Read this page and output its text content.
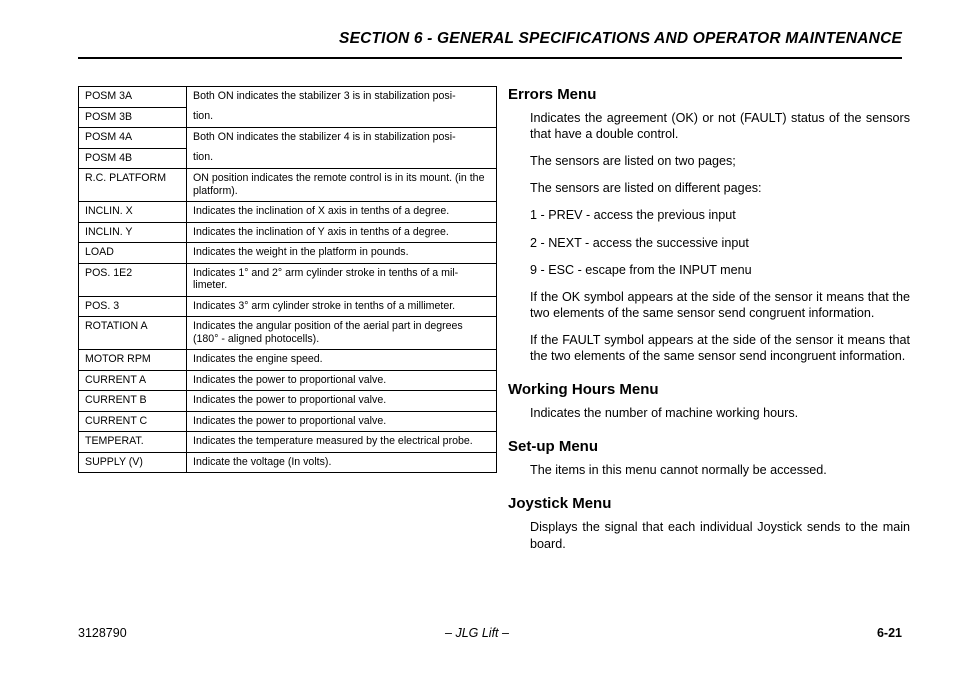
SECTION 6 - GENERAL SPECIFICATIONS AND OPERATOR MAINTENANCE
POSM 3A	Both ON indicates the stabilizer 3 is in stabilization posi-
POSM 3B	tion.
POSM 4A	Both ON indicates the stabilizer 4 is in stabilization posi-
POSM 4B	tion.
R.C. PLATFORM	ON position indicates the remote control is in its mount. (in the platform).
INCLIN. X	Indicates the inclination of X axis in tenths of a degree.
INCLIN. Y	Indicates the inclination of Y axis in tenths of a degree.
LOAD	Indicates the weight in the platform in pounds.
POS. 1E2	Indicates 1° and 2° arm cylinder stroke in tenths of a mil-limeter.
POS. 3	Indicates 3° arm cylinder stroke in tenths of a millimeter.
ROTATION A	Indicates the angular position of the aerial part in degrees (180° - aligned photocells).
MOTOR RPM	Indicates the engine speed.
CURRENT A	Indicates the power to proportional valve.
CURRENT B	Indicates the power to proportional valve.
CURRENT C	Indicates the power to proportional valve.
TEMPERAT.	Indicates the temperature measured by the electrical probe.
SUPPLY (V)	Indicate the voltage (In volts).
Errors Menu
Indicates the agreement (OK) or not (FAULT) status of the sensors that have a double control.
The sensors are listed on two pages;
The sensors are listed on different pages:
1 - PREV - access the previous input
2 - NEXT - access the successive input
9 - ESC - escape from the INPUT menu
If the OK symbol appears at the side of the sensor it means that the two elements of the same sensor send congruent information.
If the FAULT symbol appears at the side of the sensor it means that the two elements of the same sensor send incongruent information.
Working Hours Menu
Indicates the number of machine working hours.
Set-up Menu
The items in this menu cannot normally be accessed.
Joystick Menu
Displays the signal that each individual Joystick sends to the main board.
3128790	– JLG Lift –	6-21
